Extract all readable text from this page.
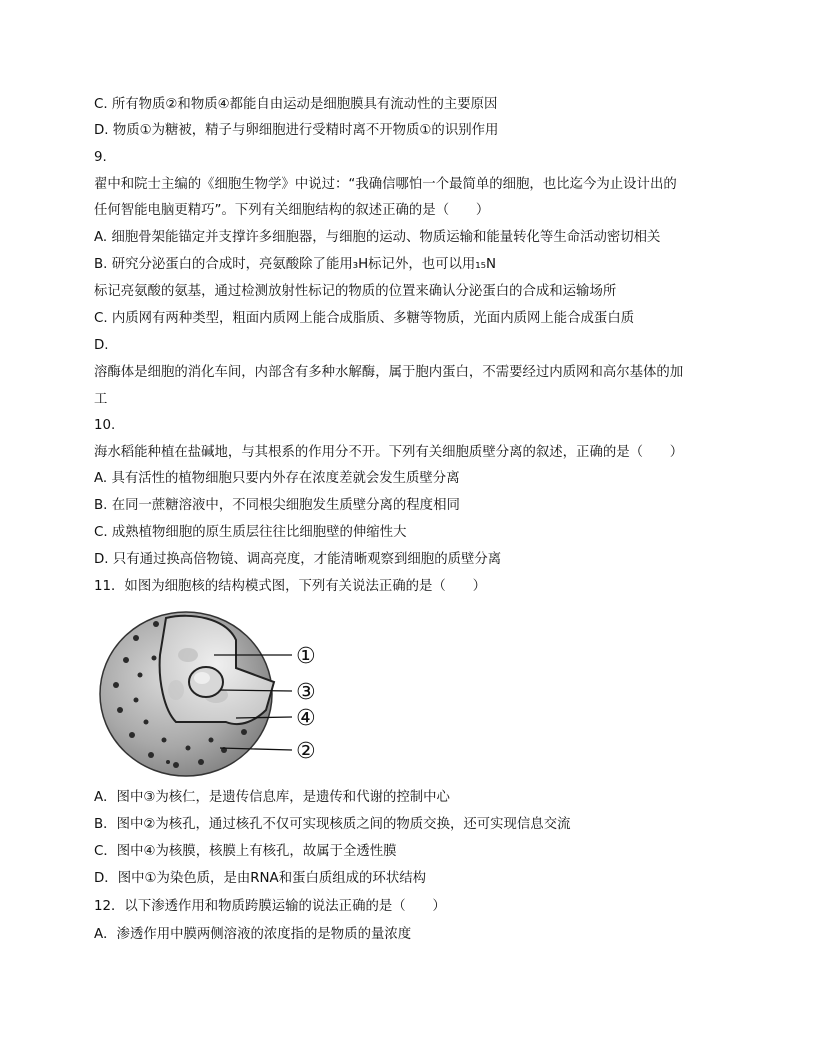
C. 所有物质②和物质④都能自由运动是细胞膜具有流动性的主要原因
D. 物质①为糖被，精子与卵细胞进行受精时离不开物质①的识别作用
9.
翟中和院士主编的《细胞生物学》中说过：“我确信哪怕一个最简单的细胞，也比迄今为止设计出的
任何智能电脑更精巧”。下列有关细胞结构的叙述正确的是（　　）
A. 细胞骨架能锚定并支撑许多细胞器，与细胞的运动、物质运输和能量转化等生命活动密切相关
B. 研究分泌蛋白的合成时，亮氨酸除了能用₃H标记外，也可以用₁₅N
标记亮氨酸的氨基，通过检测放射性标记的物质的位置来确认分泌蛋白的合成和运输场所
C. 内质网有两种类型，粗面内质网上能合成脂质、多糖等物质，光面内质网上能合成蛋白质
D.
溶酶体是细胞的消化车间，内部含有多种水解酶，属于胞内蛋白，不需要经过内质网和高尔基体的加
工
10.
海水稻能种植在盐碱地，与其根系的作用分不开。下列有关细胞质壁分离的叙述，正确的是（　　）
A. 具有活性的植物细胞只要内外存在浓度差就会发生质壁分离
B. 在同一蔗糖溶液中，不同根尖细胞发生质壁分离的程度相同
C. 成熟植物细胞的原生质层往往比细胞壁的伸缩性大
D. 只有通过换高倍物镜、调高亮度，才能清晰观察到细胞的质壁分离
11．如图为细胞核的结构模式图，下列有关说法正确的是（　　）
①
③
④
②
A．图中③为核仁，是遗传信息库，是遗传和代谢的控制中心
B．图中②为核孔，通过核孔不仅可实现核质之间的物质交换，还可实现信息交流
C．图中④为核膜，核膜上有核孔，故属于全透性膜
D．图中①为染色质，是由RNA和蛋白质组成的环状结构
12．以下渗透作用和物质跨膜运输的说法正确的是（　　）
A．渗透作用中膜两侧溶液的浓度指的是物质的量浓度
